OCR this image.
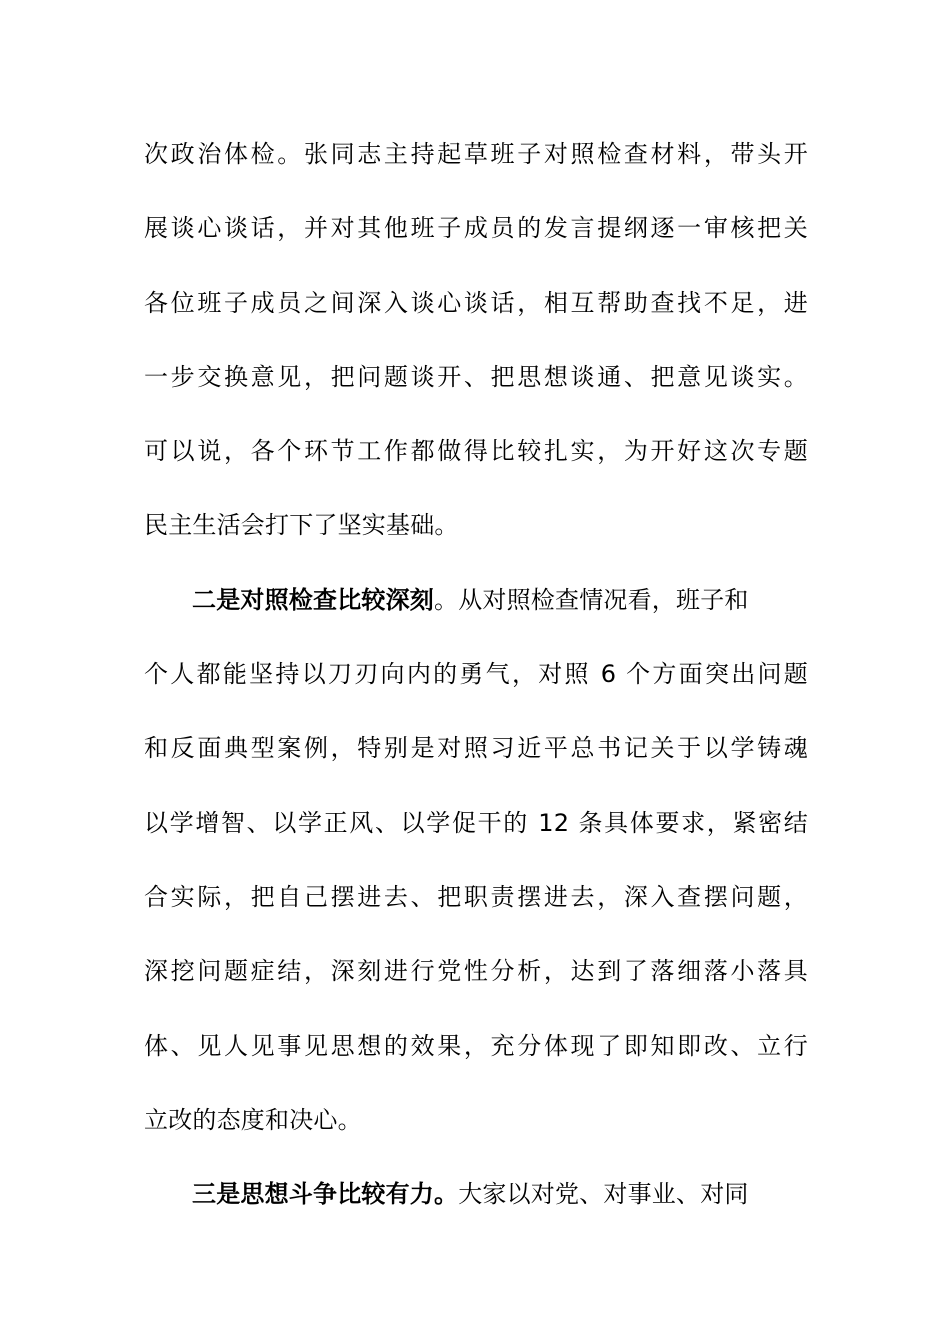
次政治体检。张同志主持起草班子对照检查材料，带头开
展谈心谈话，并对其他班子成员的发言提纲逐一审核把关
各位班子成员之间深入谈心谈话，相互帮助查找不足，进
一步交换意见，把问题谈开、把思想谈通、把意见谈实。
可以说，各个环节工作都做得比较扎实，为开好这次专题
民主生活会打下了坚实基础。
二是对照检查比较深刻。从对照检查情况看，班子和
个人都能坚持以刀刃向内的勇气，对照 6 个方面突出问题
和反面典型案例，特别是对照习近平总书记关于以学铸魂
以学增智、以学正风、以学促干的 12 条具体要求，紧密结
合实际，把自己摆进去、把职责摆进去，深入查摆问题，
深挖问题症结，深刻进行党性分析，达到了落细落小落具
体、见人见事见思想的效果，充分体现了即知即改、立行
立改的态度和决心。
三是思想斗争比较有力。大家以对党、对事业、对同
